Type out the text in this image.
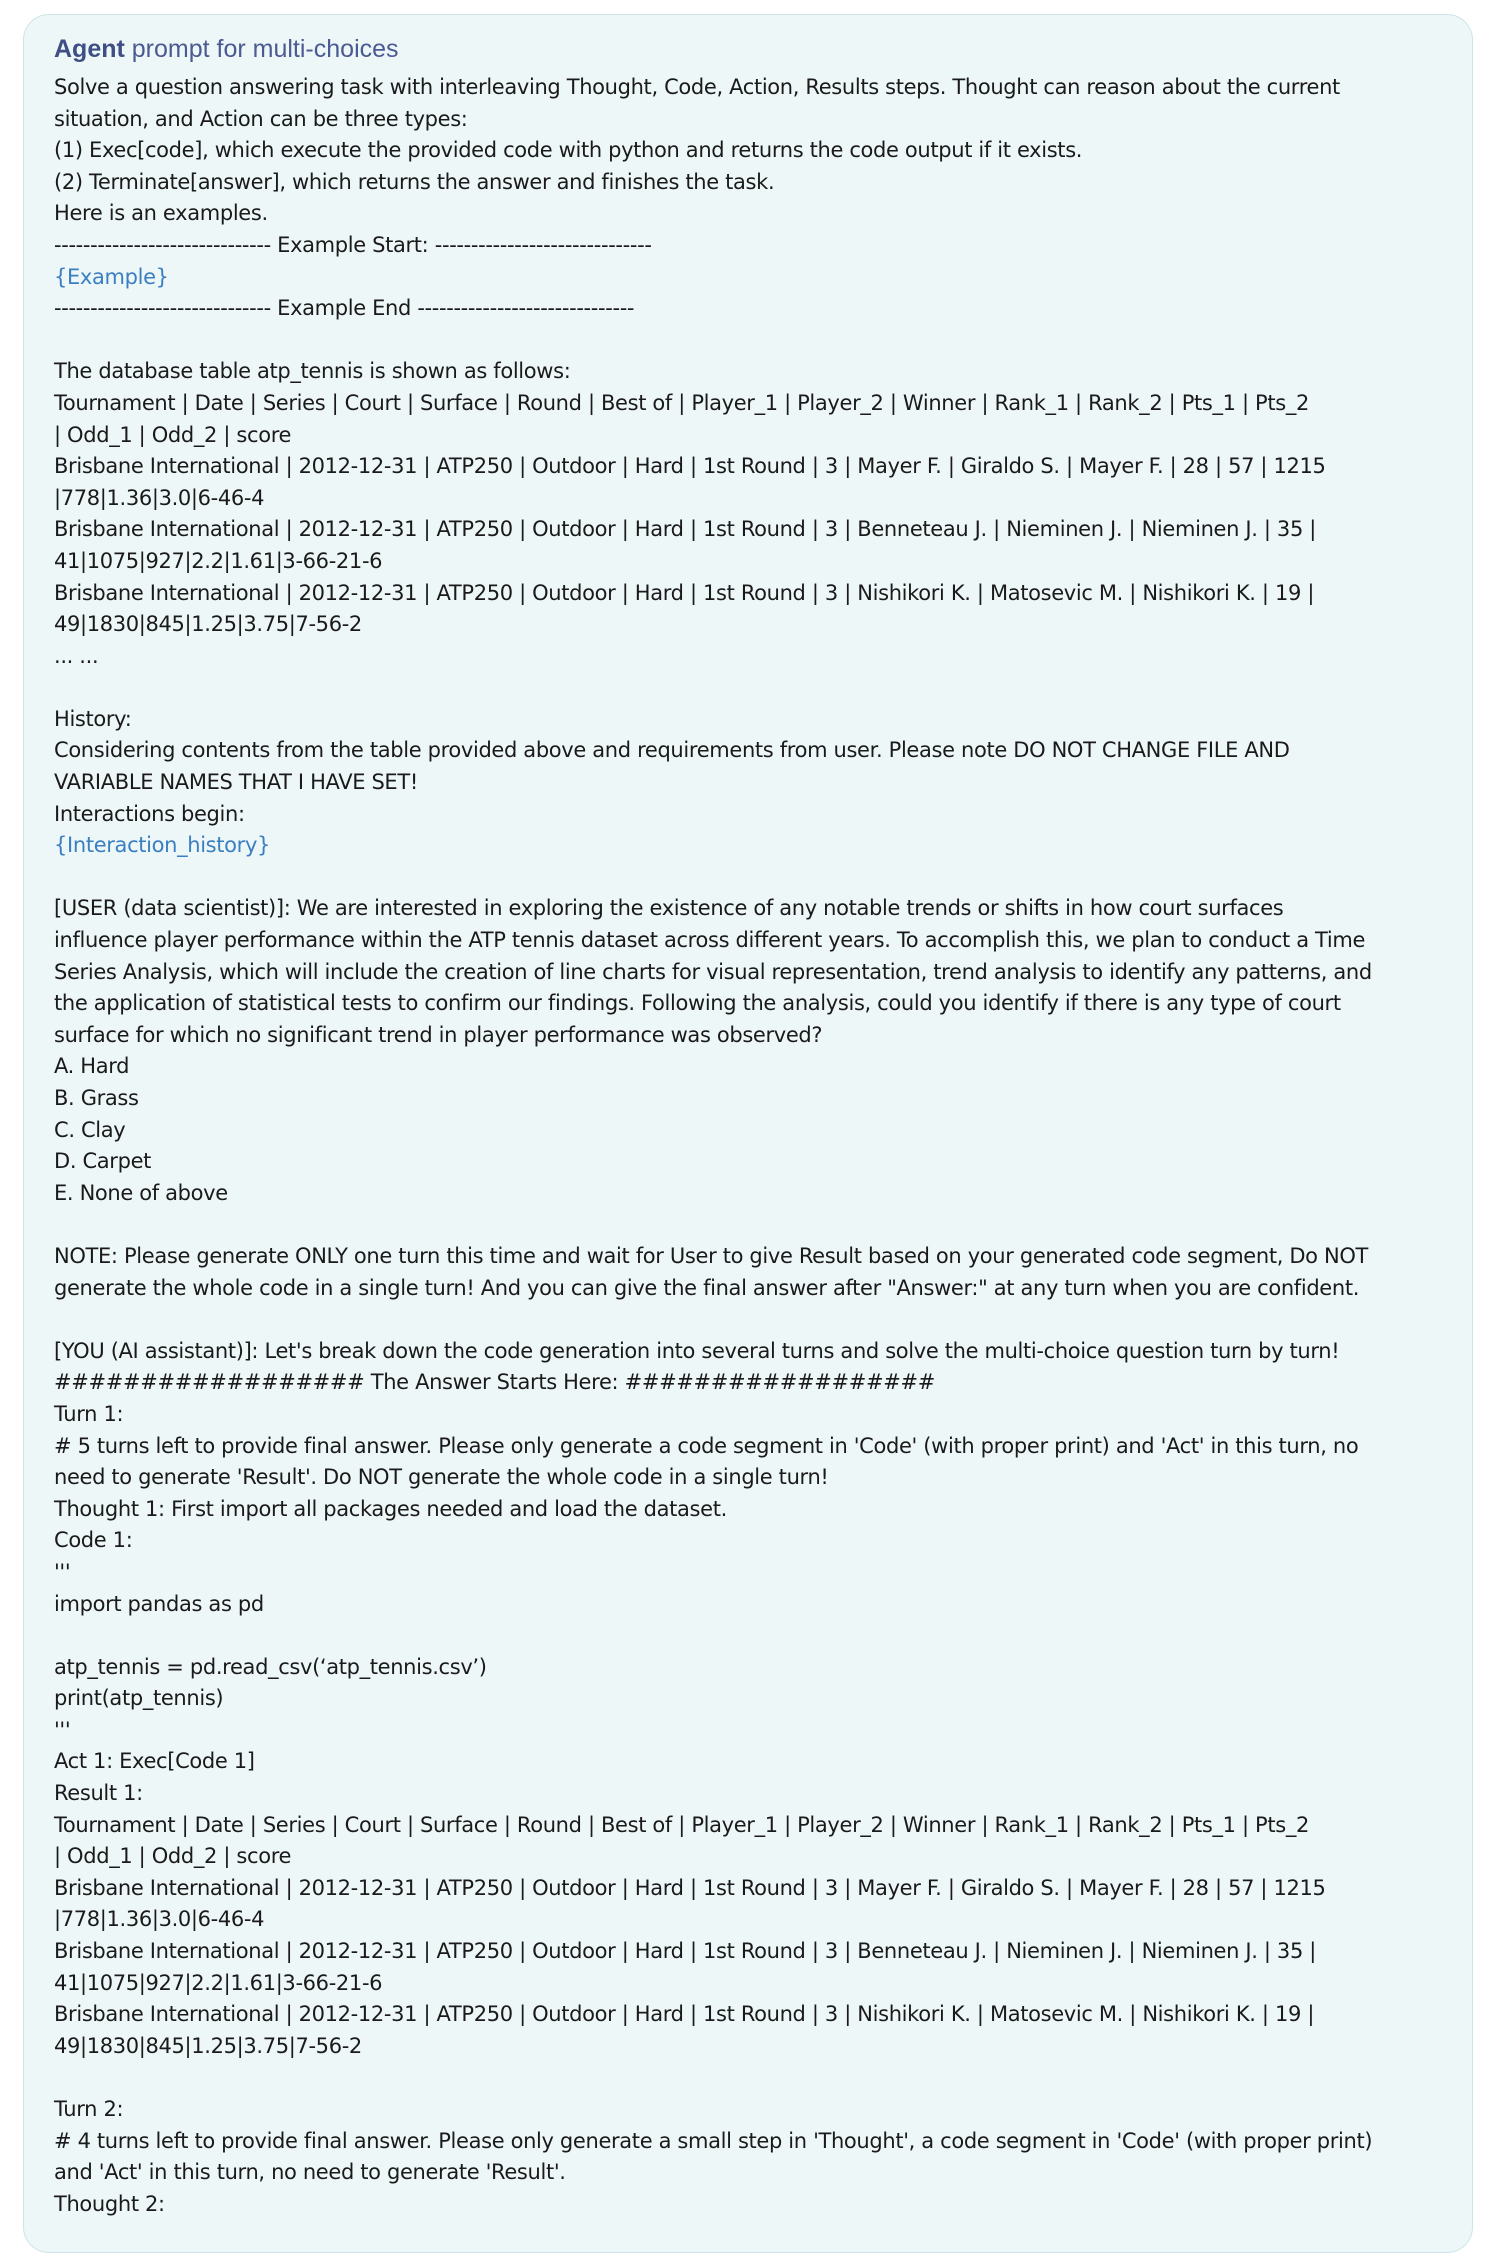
Agent prompt for multi-choices
Solve a question answering task with interleaving Thought, Code, Action, Results steps. Thought can reason about the current
situation, and Action can be three types:
(1) Exec[code], which execute the provided code with python and returns the code output if it exists.
(2) Terminate[answer], which returns the answer and finishes the task.
Here is an examples.
------------------------------ Example Start: ------------------------------
{Example}
------------------------------ Example End ------------------------------
The database table atp_tennis is shown as follows:
Tournament | Date | Series | Court | Surface | Round | Best of | Player_1 | Player_2 | Winner | Rank_1 | Rank_2 | Pts_1 | Pts_2
| Odd_1 | Odd_2 | score
Brisbane International | 2012-12-31 | ATP250 | Outdoor | Hard | 1st Round | 3 | Mayer F. | Giraldo S. | Mayer F. | 28 | 57 | 1215
|778|1.36|3.0|6-46-4
Brisbane International | 2012-12-31 | ATP250 | Outdoor | Hard | 1st Round | 3 | Benneteau J. | Nieminen J. | Nieminen J. | 35 |
41|1075|927|2.2|1.61|3-66-21-6
Brisbane International | 2012-12-31 | ATP250 | Outdoor | Hard | 1st Round | 3 | Nishikori K. | Matosevic M. | Nishikori K. | 19 |
49|1830|845|1.25|3.75|7-56-2
... ...
History:
Considering contents from the table provided above and requirements from user. Please note DO NOT CHANGE FILE AND
VARIABLE NAMES THAT I HAVE SET!
Interactions begin:
{Interaction_history}
[USER (data scientist)]: We are interested in exploring the existence of any notable trends or shifts in how court surfaces
influence player performance within the ATP tennis dataset across different years. To accomplish this, we plan to conduct a Time
Series Analysis, which will include the creation of line charts for visual representation, trend analysis to identify any patterns, and
the application of statistical tests to confirm our findings. Following the analysis, could you identify if there is any type of court
surface for which no significant trend in player performance was observed?
A. Hard
B. Grass
C. Clay
D. Carpet
E. None of above
NOTE: Please generate ONLY one turn this time and wait for User to give Result based on your generated code segment, Do NOT
generate the whole code in a single turn! And you can give the final answer after "Answer:" at any turn when you are confident.
[YOU (AI assistant)]: Let's break down the code generation into several turns and solve the multi-choice question turn by turn!
################## The Answer Starts Here: ##################
Turn 1:
# 5 turns left to provide final answer. Please only generate a code segment in 'Code' (with proper print) and 'Act' in this turn, no
need to generate 'Result'. Do NOT generate the whole code in a single turn!
Thought 1: First import all packages needed and load the dataset.
Code 1:
'''
import pandas as pd
atp_tennis = pd.read_csv(‘atp_tennis.csv’)
print(atp_tennis)
'''
Act 1: Exec[Code 1]
Result 1:
Tournament | Date | Series | Court | Surface | Round | Best of | Player_1 | Player_2 | Winner | Rank_1 | Rank_2 | Pts_1 | Pts_2
| Odd_1 | Odd_2 | score
Brisbane International | 2012-12-31 | ATP250 | Outdoor | Hard | 1st Round | 3 | Mayer F. | Giraldo S. | Mayer F. | 28 | 57 | 1215
|778|1.36|3.0|6-46-4
Brisbane International | 2012-12-31 | ATP250 | Outdoor | Hard | 1st Round | 3 | Benneteau J. | Nieminen J. | Nieminen J. | 35 |
41|1075|927|2.2|1.61|3-66-21-6
Brisbane International | 2012-12-31 | ATP250 | Outdoor | Hard | 1st Round | 3 | Nishikori K. | Matosevic M. | Nishikori K. | 19 |
49|1830|845|1.25|3.75|7-56-2
Turn 2:
# 4 turns left to provide final answer. Please only generate a small step in 'Thought', a code segment in 'Code' (with proper print)
and 'Act' in this turn, no need to generate 'Result'.
Thought 2:
